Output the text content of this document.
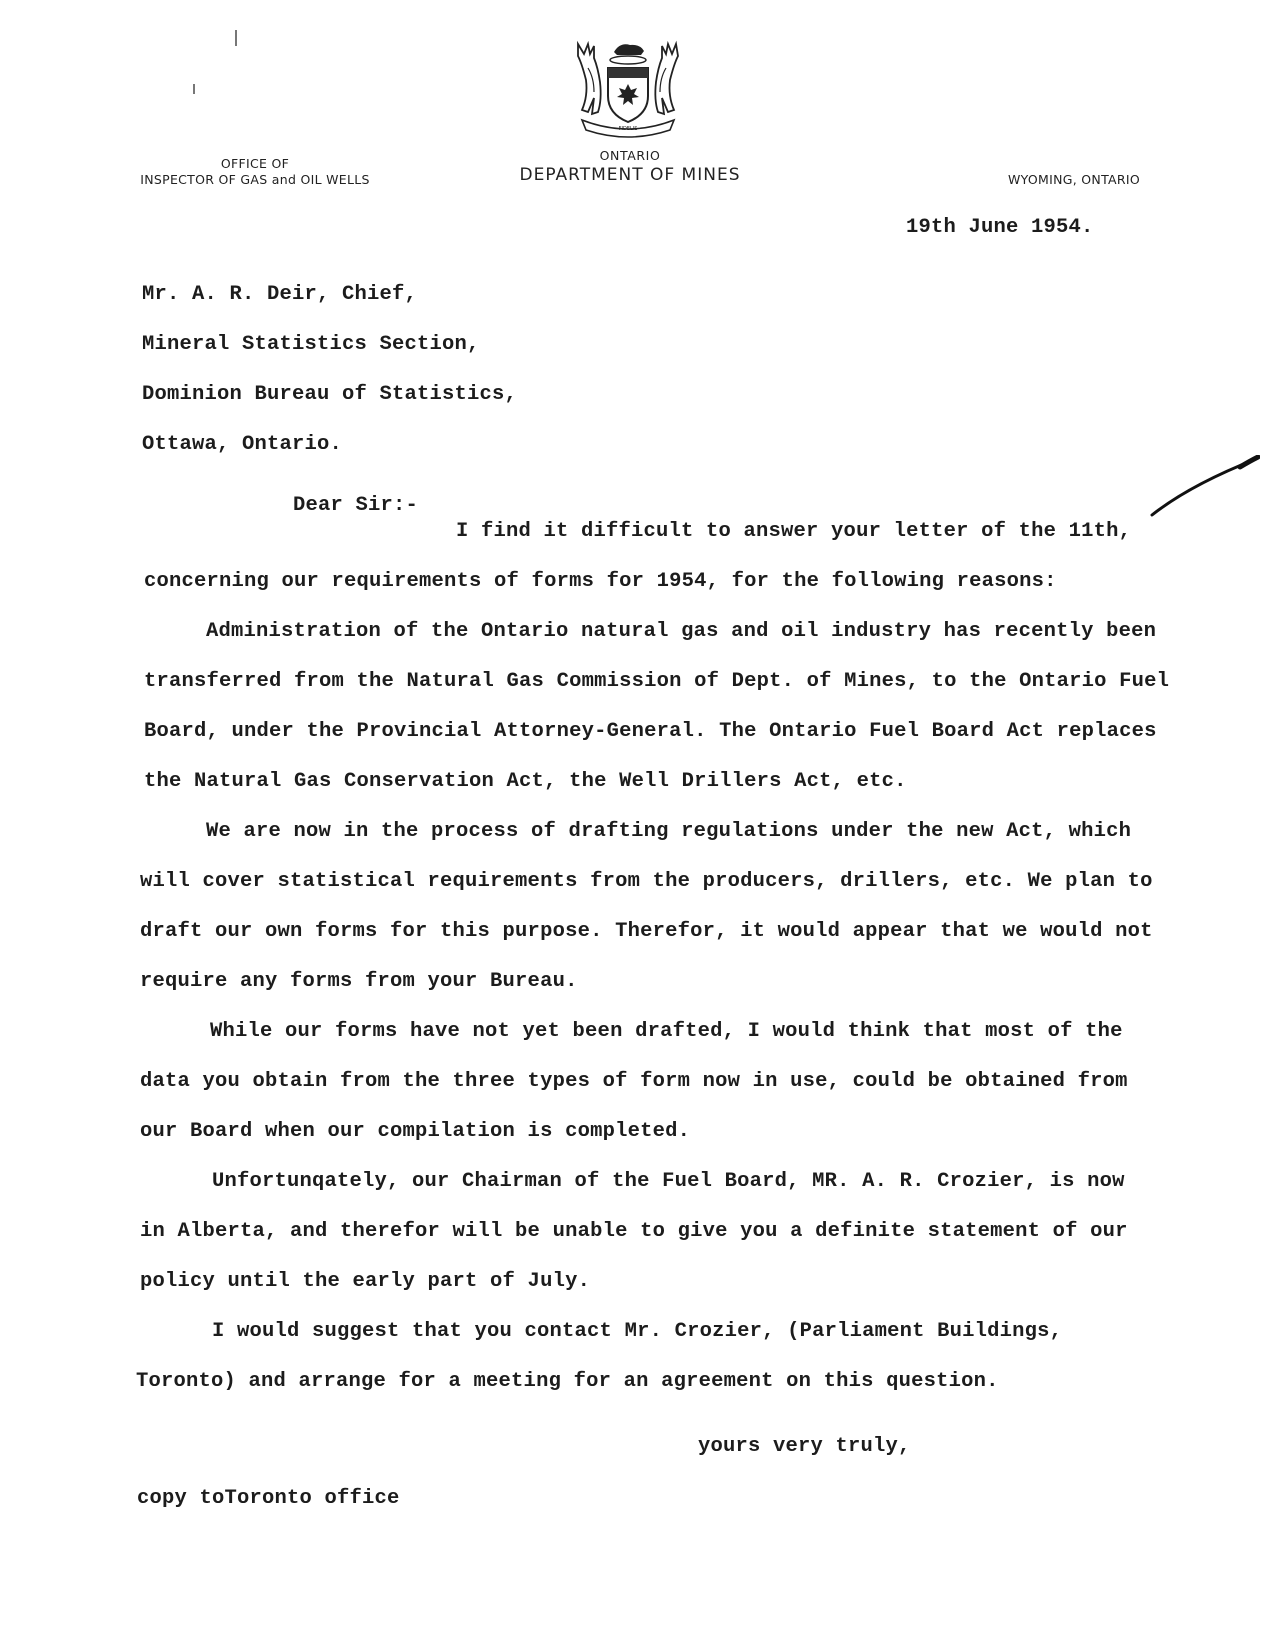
FIDELIS
OFFICE OF
INSPECTOR OF GAS and OIL WELLS
ONTARIO
DEPARTMENT OF MINES	WYOMING, ONTARIO
19th June 1954.
Mr. A. R. Deir, Chief,
Mineral Statistics Section,
Dominion Bureau of Statistics,
Ottawa, Ontario.
Dear Sir:-
I find it difficult to answer your letter of the 11th,
concerning our requirements of forms for 1954, for the following reasons:
Administration of the Ontario natural gas and oil industry has recently been
transferred from the Natural Gas Commission of Dept. of Mines, to the Ontario Fuel
Board, under the Provincial Attorney-General. The Ontario Fuel Board Act replaces
the Natural Gas Conservation Act, the Well Drillers Act, etc.
We are now in the process of drafting regulations under the new Act, which
will cover statistical requirements from the producers, drillers, etc. We plan to
draft our own forms for this purpose. Therefor, it would appear that we would not
require any forms from your Bureau.
While our forms have not yet been drafted, I would think that most of the
data you obtain from the three types of form now in use, could be obtained from
our Board when our compilation is completed.
Unfortunqately, our Chairman of the Fuel Board, MR. A. R. Crozier, is now
in Alberta, and therefor will be unable to give you a definite statement of our
policy until the early part of July.
I would suggest that you contact Mr. Crozier, (Parliament Buildings,
Toronto) and arrange for a meeting for an agreement on this question.
yours very truly,
copy toToronto office
